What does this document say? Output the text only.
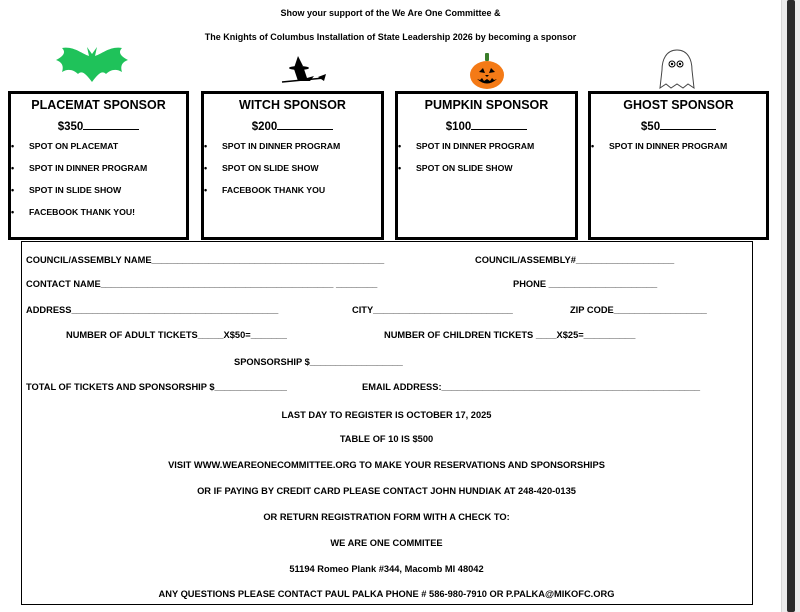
Show your support of the We Are One Committee &
The Knights of Columbus Installation of State Leadership 2026 by becoming a sponsor
PLACEMAT SPONSOR
$350
• SPOT ON PLACEMAT
• SPOT IN DINNER PROGRAM
• SPOT IN SLIDE SHOW
• FACEBOOK THANK YOU!
WITCH SPONSOR
$200
• SPOT IN DINNER PROGRAM
• SPOT ON SLIDE SHOW
• FACEBOOK THANK YOU
PUMPKIN SPONSOR
$100
• SPOT IN DINNER PROGRAM
• SPOT ON SLIDE SHOW
GHOST SPONSOR
$50
• SPOT IN DINNER PROGRAM
COUNCIL/ASSEMBLY NAME_____________________________________________	COUNCIL/ASSEMBLY#___________________
CONTACT NAME_____________________________________________ ________	PHONE _____________________
ADDRESS________________________________________	CITY___________________________	ZIP CODE__________________
NUMBER OF ADULT TICKETS_____X$50=_______	NUMBER OF CHILDREN TICKETS ____X$25=__________
SPONSORSHIP $__________________
TOTAL OF TICKETS AND SPONSORSHIP $______________	EMAIL ADDRESS:__________________________________________________
LAST DAY TO REGISTER IS OCTOBER 17, 2025
TABLE OF 10 IS $500
VISIT WWW.WEAREONECOMMITTEE.ORG TO MAKE YOUR RESERVATIONS AND SPONSORSHIPS
OR IF PAYING BY CREDIT CARD PLEASE CONTACT JOHN HUNDIAK AT 248-420-0135
OR RETURN REGISTRATION FORM WITH A CHECK TO:
WE ARE ONE COMMITEE
51194 Romeo Plank #344, Macomb MI 48042
ANY QUESTIONS PLEASE CONTACT PAUL PALKA PHONE # 586-980-7910 OR P.PALKA@MIKOFC.ORG
